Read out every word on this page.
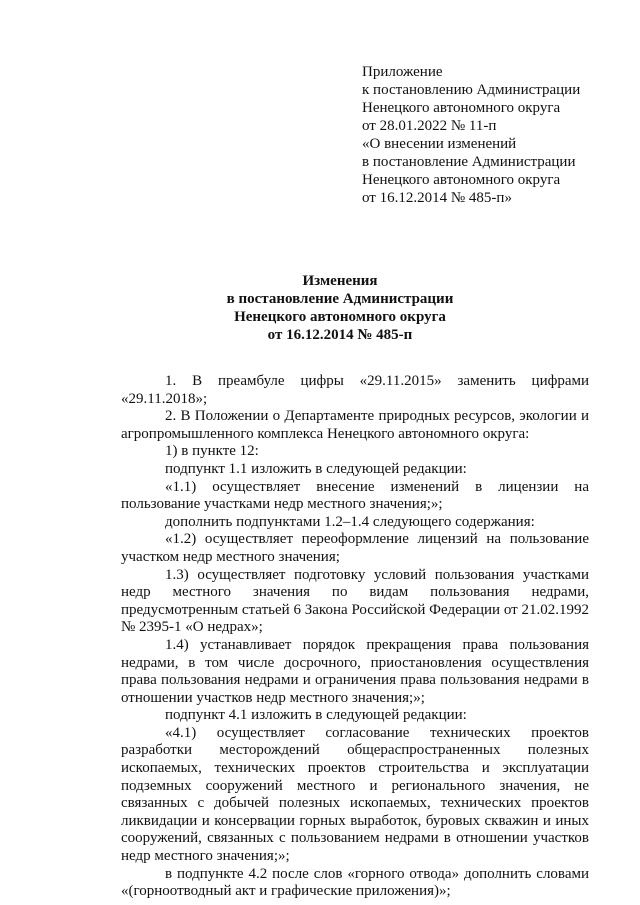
Приложение
к постановлению Администрации
Ненецкого автономного округа
от 28.01.2022 № 11-п
«О внесении изменений
в постановление Администрации
Ненецкого автономного округа
от 16.12.2014 № 485-п»
Изменения
в постановление Администрации
Ненецкого автономного округа
от 16.12.2014 № 485-п

1. В преамбуле цифры «29.11.2015» заменить цифрами «29.11.2018»;

2. В Положении о Департаменте природных ресурсов, экологии и агропромышленного комплекса Ненецкого автономного округа:

1) в пункте 12:

подпункт 1.1 изложить в следующей редакции:

«1.1) осуществляет внесение изменений в лицензии на пользование участками недр местного значения;»;

дополнить подпунктами 1.2–1.4 следующего содержания:

«1.2) осуществляет переоформление лицензий на пользование участком недр местного значения;

1.3) осуществляет подготовку условий пользования участками недр местного значения по видам пользования недрами, предусмотренным статьей 6 Закона Российской Федерации от 21.02.1992 № 2395-1 «О недрах»;

1.4) устанавливает порядок прекращения права пользования недрами, в том числе досрочного, приостановления осуществления права пользования недрами и ограничения права пользования недрами в отношении участков недр местного значения;»;

подпункт 4.1 изложить в следующей редакции:

«4.1) осуществляет согласование технических проектов разработки месторождений общераспространенных полезных ископаемых, технических проектов строительства и эксплуатации подземных сооружений местного и регионального значения, не связанных с добычей полезных ископаемых, технических проектов ликвидации и консервации горных выработок, буровых скважин и иных сооружений, связанных с пользованием недрами в отношении участков недр местного значения;»;

в подпункте 4.2 после слов «горного отвода» дополнить словами «(горноотводный акт и графические приложения)»;
